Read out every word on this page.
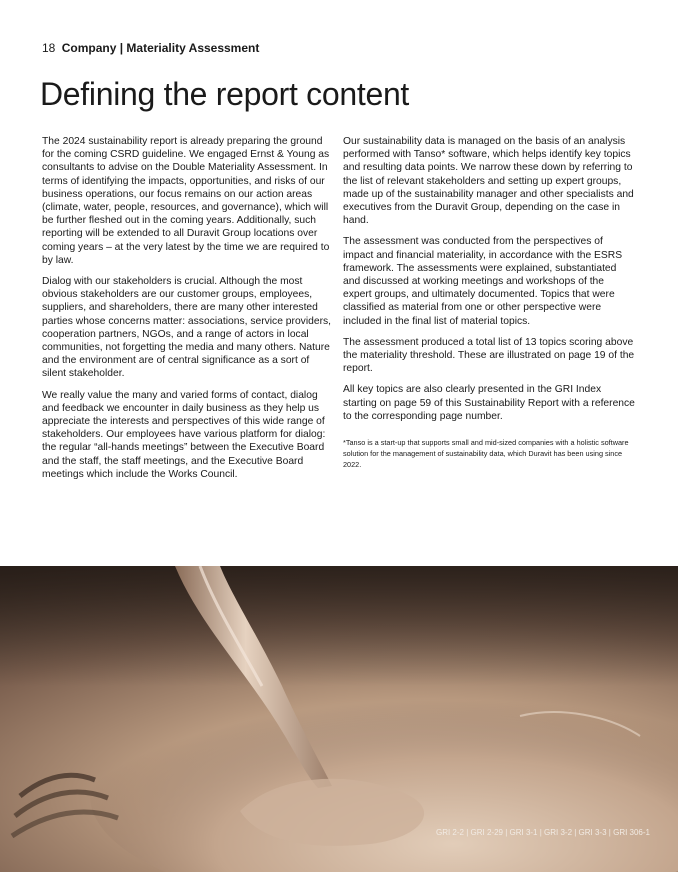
18 Company | Materiality Assessment
Defining the report content

The 2024 sustainability report is already preparing the ground for the coming CSRD guideline. We engaged Ernst & Young as consultants to advise on the Double Materiality Assessment. In terms of identifying the impacts, opportunities, and risks of our business operations, our focus remains on our action areas (climate, water, people, resources, and governance), which will be further fleshed out in the coming years. Additionally, such reporting will be extended to all Duravit Group locations over coming years – at the very latest by the time we are required to by law.

Dialog with our stakeholders is crucial. Although the most obvious stakeholders are our customer groups, employees, suppliers, and shareholders, there are many other interested parties whose concerns matter: associations, service providers, cooperation partners, NGOs, and a range of actors in local communities, not forgetting the media and many others. Nature and the environment are of central significance as a sort of silent stakeholder.

We really value the many and varied forms of contact, dialog and feedback we encounter in daily business as they help us appreciate the interests and perspectives of this wide range of stakeholders. Our employees have various platform for dialog: the regular “all-hands meetings” between the Executive Board and the staff, the staff meetings, and the Executive Board meetings which include the Works Council.

Our sustainability data is managed on the basis of an analysis performed with Tanso* software, which helps identify key topics and resulting data points. We narrow these down by referring to the list of relevant stakeholders and setting up expert groups, made up of the sustainability manager and other specialists and executives from the Duravit Group, depending on the case in hand.

The assessment was conducted from the perspectives of impact and financial materiality, in accordance with the ESRS framework. The assessments were explained, substantiated and discussed at working meetings and workshops of the expert groups, and ultimately documented. Topics that were classified as material from one or other perspective were included in the final list of material topics.

The assessment produced a total list of 13 topics scoring above the materiality threshold. These are illustrated on page 19 of the report.

All key topics are also clearly presented in the GRI Index starting on page 59 of this Sustainability Report with a reference to the corresponding page number.

*Tanso is a start-up that supports small and mid-sized companies with a holistic software solution for the management of sustainability data, which Duravit has been using since 2022.

GRI 2-2 | GRI 2-29 | GRI 3-1 | GRI 3-2 | GRI 3-3 | GRI 306-1
